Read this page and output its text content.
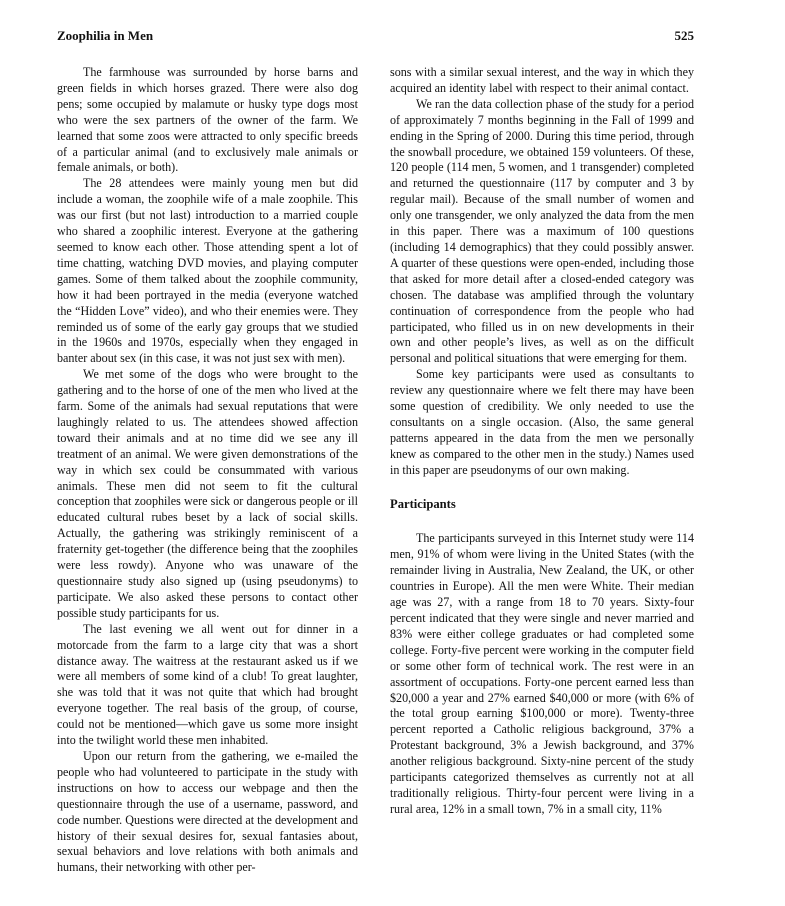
Zoophilia in Men	525

The farmhouse was surrounded by horse barns and green fields in which horses grazed. There were also dog pens; some occupied by malamute or husky type dogs most who were the sex partners of the owner of the farm. We learned that some zoos were attracted to only specific breeds of a particular animal (and to exclusively male animals or female animals, or both).

The 28 attendees were mainly young men but did include a woman, the zoophile wife of a male zoophile. This was our first (but not last) introduction to a married couple who shared a zoophilic interest. Everyone at the gathering seemed to know each other. Those attending spent a lot of time chatting, watching DVD movies, and playing computer games. Some of them talked about the zoophile community, how it had been portrayed in the media (everyone watched the “Hidden Love” video), and who their enemies were. They reminded us of some of the early gay groups that we studied in the 1960s and 1970s, especially when they engaged in banter about sex (in this case, it was not just sex with men).

We met some of the dogs who were brought to the gathering and to the horse of one of the men who lived at the farm. Some of the animals had sexual reputations that were laughingly related to us. The attendees showed affection toward their animals and at no time did we see any ill treatment of an animal. We were given demonstrations of the way in which sex could be consummated with various animals. These men did not seem to fit the cultural conception that zoophiles were sick or dangerous people or ill educated cultural rubes beset by a lack of social skills. Actually, the gathering was strikingly reminiscent of a fraternity get-together (the difference being that the zoophiles were less rowdy). Anyone who was unaware of the questionnaire study also signed up (using pseudonyms) to participate. We also asked these persons to contact other possible study participants for us.

The last evening we all went out for dinner in a motorcade from the farm to a large city that was a short distance away. The waitress at the restaurant asked us if we were all members of some kind of a club! To great laughter, she was told that it was not quite that which had brought everyone together. The real basis of the group, of course, could not be mentioned—which gave us some more insight into the twilight world these men inhabited.

Upon our return from the gathering, we e-mailed the people who had volunteered to participate in the study with instructions on how to access our webpage and then the questionnaire through the use of a username, password, and code number. Questions were directed at the development and history of their sexual desires for, sexual fantasies about, sexual behaviors and love relations with both animals and humans, their networking with other per-

sons with a similar sexual interest, and the way in which they acquired an identity label with respect to their animal contact.

We ran the data collection phase of the study for a period of approximately 7 months beginning in the Fall of 1999 and ending in the Spring of 2000. During this time period, through the snowball procedure, we obtained 159 volunteers. Of these, 120 people (114 men, 5 women, and 1 transgender) completed and returned the questionnaire (117 by computer and 3 by regular mail). Because of the small number of women and only one transgender, we only analyzed the data from the men in this paper. There was a maximum of 100 questions (including 14 demographics) that they could possibly answer. A quarter of these questions were open-ended, including those that asked for more detail after a closed-ended category was chosen. The database was amplified through the voluntary continuation of correspondence from the people who had participated, who filled us in on new developments in their own and other people’s lives, as well as on the difficult personal and political situations that were emerging for them.

Some key participants were used as consultants to review any questionnaire where we felt there may have been some question of credibility. We only needed to use the consultants on a single occasion. (Also, the same general patterns appeared in the data from the men we personally knew as compared to the other men in the study.) Names used in this paper are pseudonyms of our own making.

Participants

The participants surveyed in this Internet study were 114 men, 91% of whom were living in the United States (with the remainder living in Australia, New Zealand, the UK, or other countries in Europe). All the men were White. Their median age was 27, with a range from 18 to 70 years. Sixty-four percent indicated that they were single and never married and 83% were either college graduates or had completed some college. Forty-five percent were working in the computer field or some other form of technical work. The rest were in an assortment of occupations. Forty-one percent earned less than $20,000 a year and 27% earned $40,000 or more (with 6% of the total group earning $100,000 or more). Twenty-three percent reported a Catholic religious background, 37% a Protestant background, 3% a Jewish background, and 37% another religious background. Sixty-nine percent of the study participants categorized themselves as currently not at all traditionally religious. Thirty-four percent were living in a rural area, 12% in a small town, 7% in a small city, 11%
